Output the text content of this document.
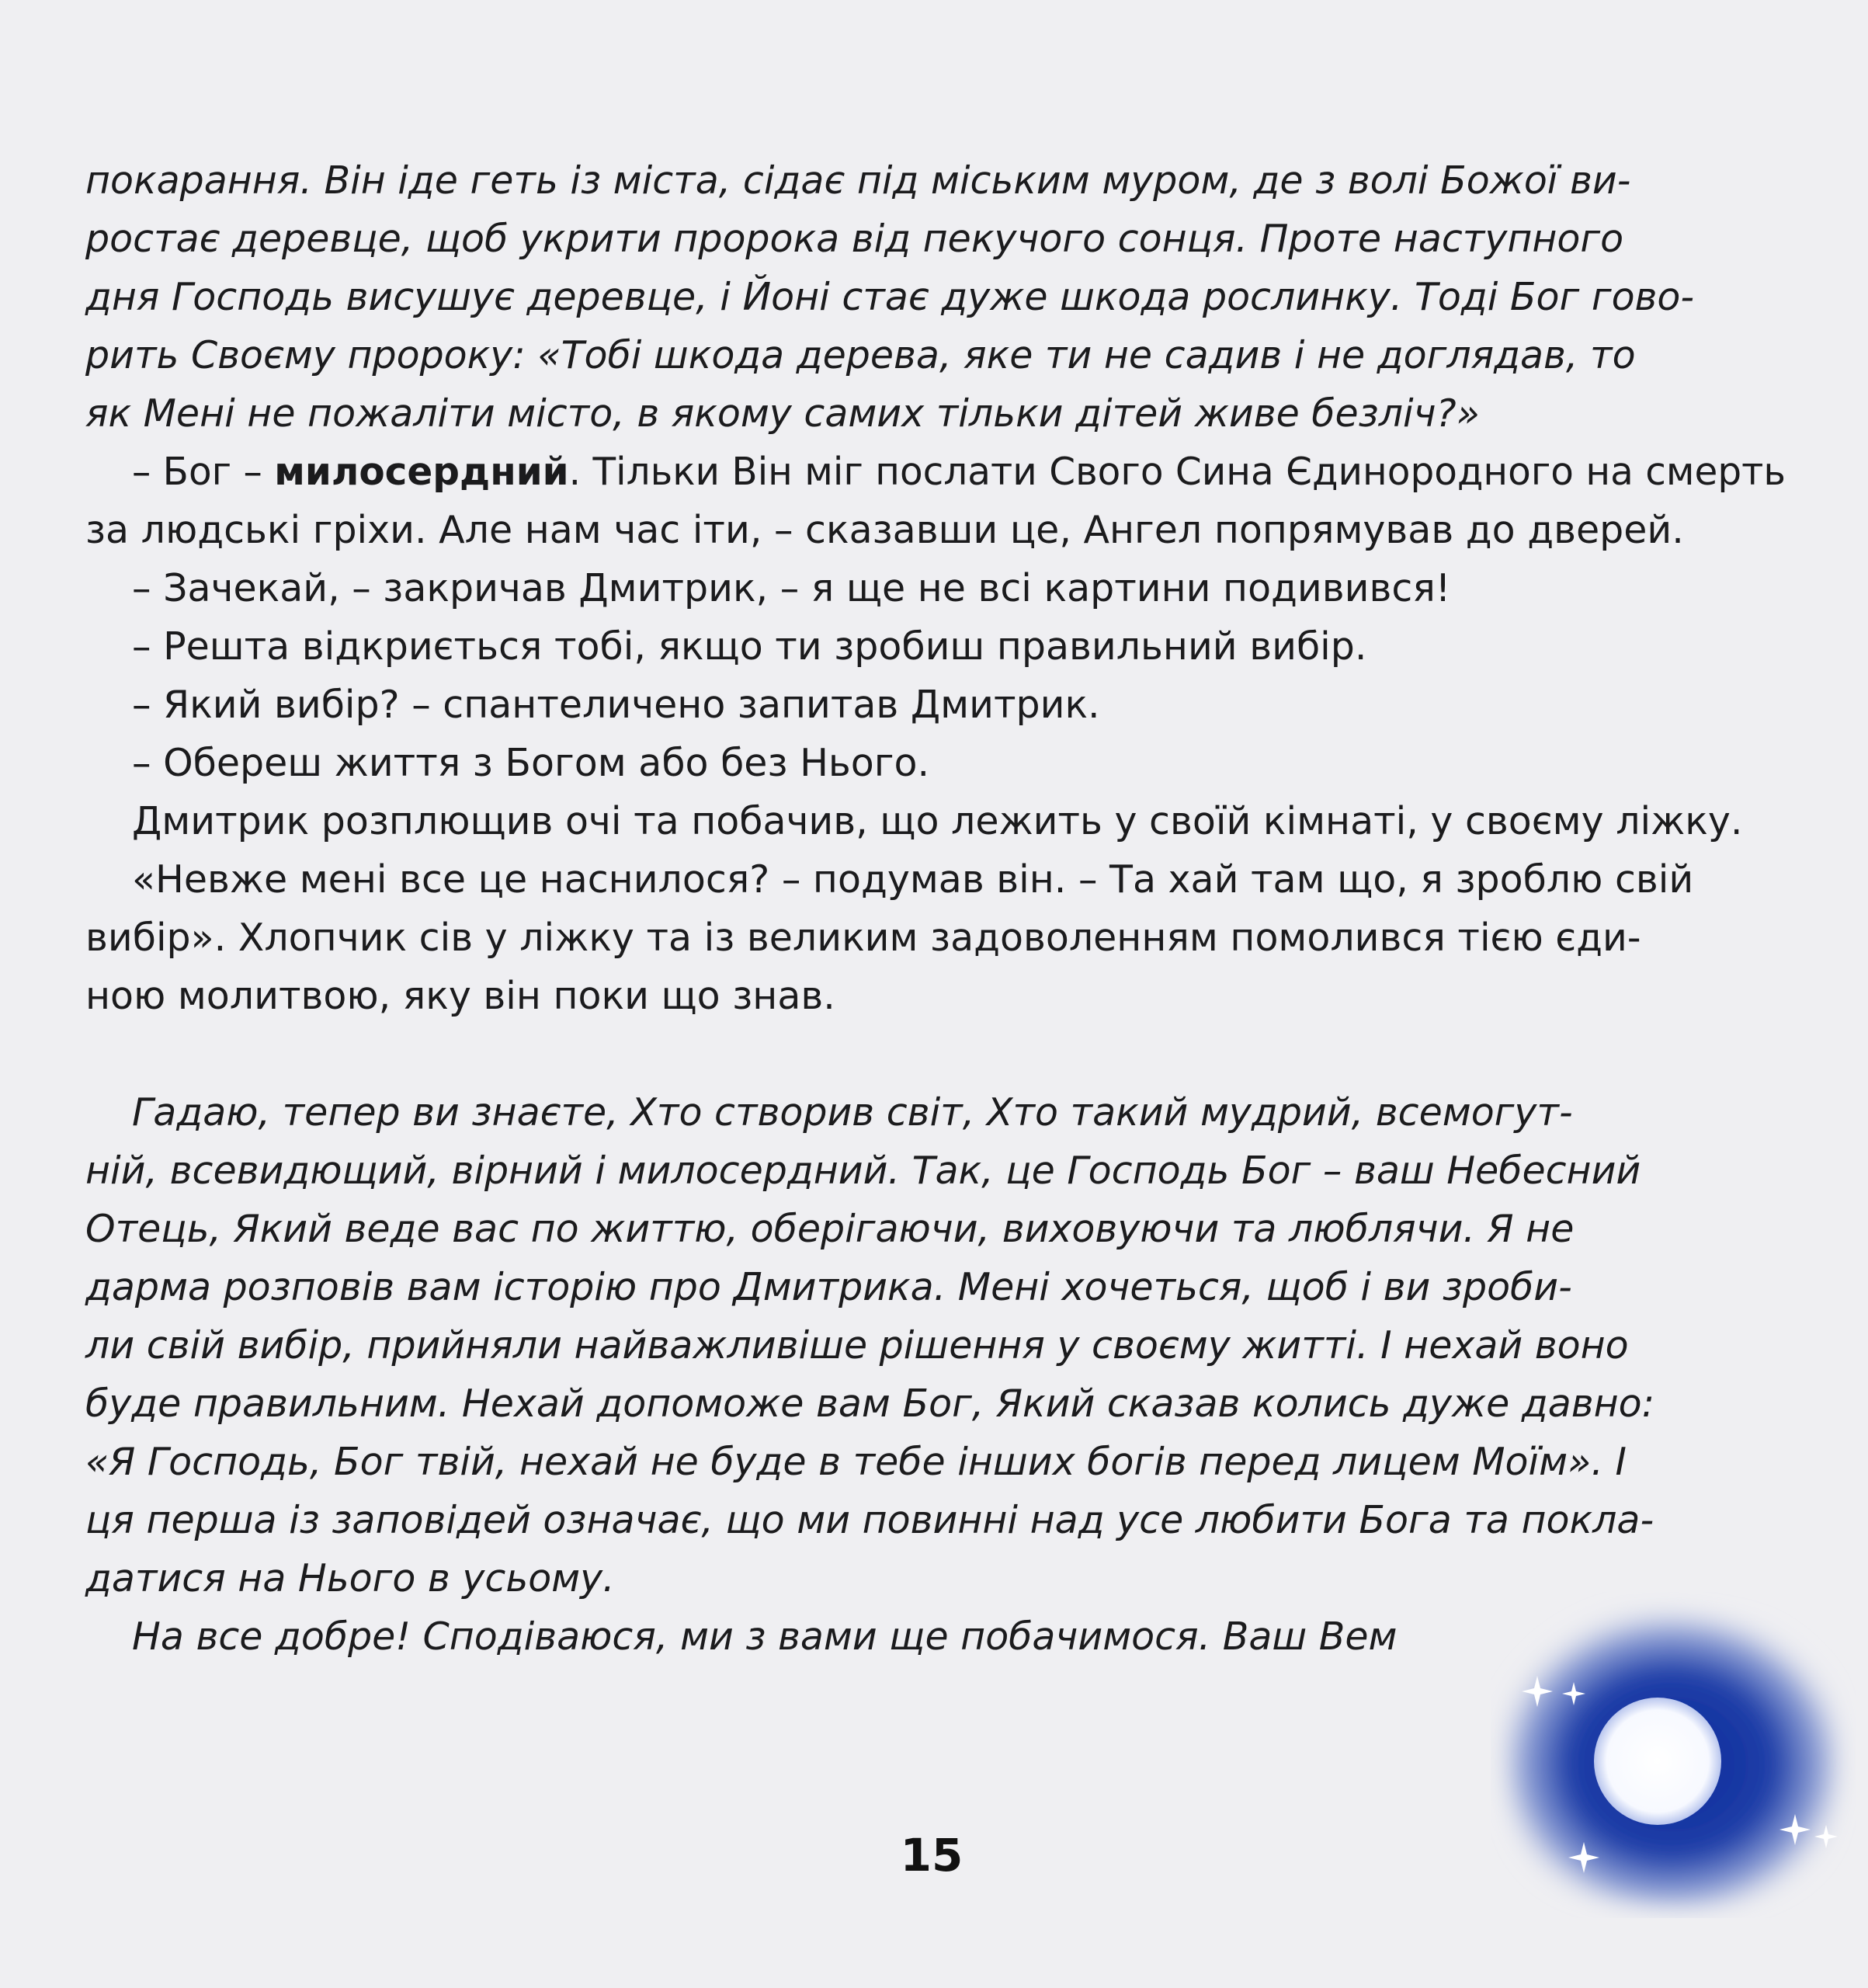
покарання. Він іде геть із міста, сідає під міським муром, де з волі Божої ви-
ростає деревце, щоб укрити пророка від пекучого сонця. Проте наступного
дня Господь висушує деревце, і Йоні стає дуже шкода рослинку. Тоді Бог гово-
рить Своєму пророку: «Тобі шкода дерева, яке ти не садив і не доглядав, то
як Мені не пожаліти місто, в якому самих тільки дітей живе безліч?»
– Бог – милосердний. Тільки Він міг послати Свого Сина Єдинородного на смерть
за людські гріхи. Але нам час іти, – сказавши це, Ангел попрямував до дверей.
– Зачекай, – закричав Дмитрик, – я ще не всі картини подивився!
– Решта відкриється тобі, якщо ти зробиш правильний вибір.
– Який вибір? – спантеличено запитав Дмитрик.
– Обереш життя з Богом або без Нього.
Дмитрик розплющив очі та побачив, що лежить у своїй кімнаті, у своєму ліжку.
«Невже мені все це наснилося? – подумав він. – Та хай там що, я зроблю свій
вибір». Хлопчик сів у ліжку та із великим задоволенням помолився тією єди-
ною молитвою, яку він поки що знав.
Гадаю, тепер ви знаєте, Хто створив світ, Хто такий мудрий, всемогут-
ній, всевидющий, вірний і милосердний. Так, це Господь Бог – ваш Небесний
Отець, Який веде вас по життю, оберігаючи, виховуючи та люблячи. Я не
дарма розповів вам історію про Дмитрика. Мені хочеться, щоб і ви зроби-
ли свій вибір, прийняли найважливіше рішення у своєму житті. І нехай воно
буде правильним. Нехай допоможе вам Бог, Який сказав колись дуже давно:
«Я Господь, Бог твій, нехай не буде в тебе інших богів перед лицем Моїм». І
ця перша із заповідей означає, що ми повинні над усе любити Бога та покла-
датися на Нього в усьому.
На все добре! Сподіваюся, ми з вами ще побачимося. Ваш Вем
15
